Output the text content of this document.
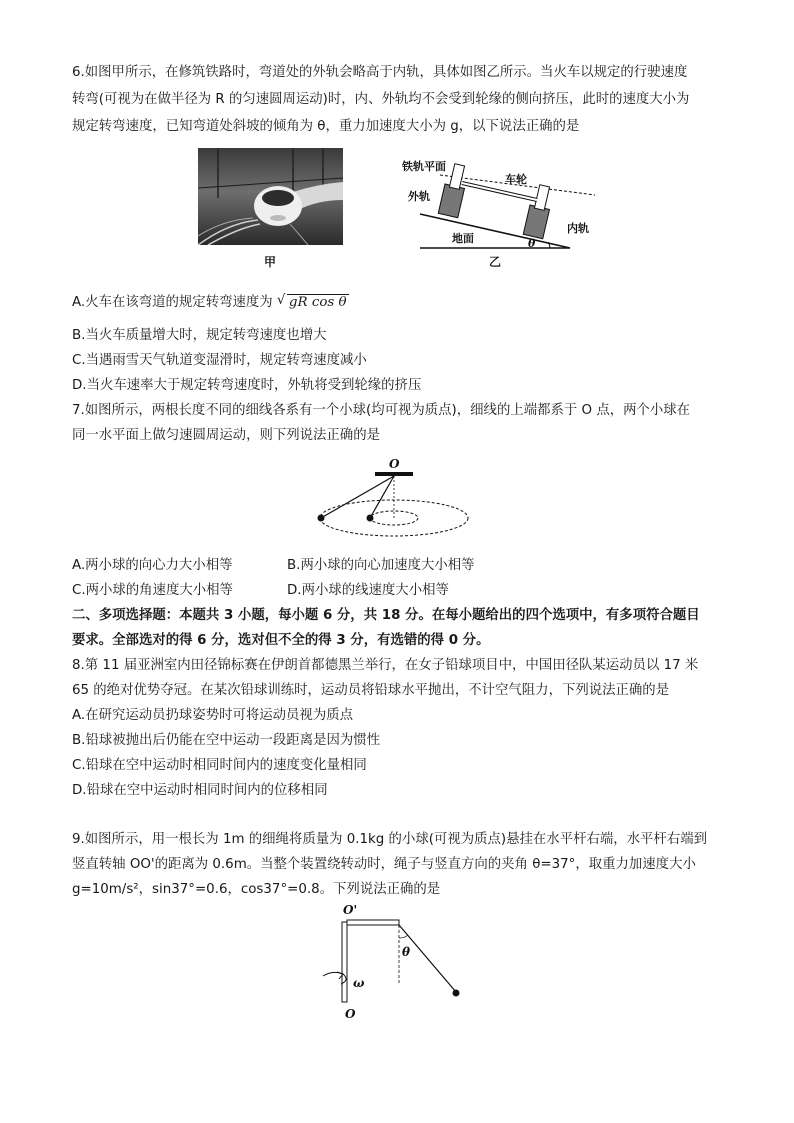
6.如图甲所示，在修筑铁路时，弯道处的外轨会略高于内轨，具体如图乙所示。当火车以规定的行驶速度
转弯(可视为在做半径为 R 的匀速圆周运动)时，内、外轨均不会受到轮缘的侧向挤压，此时的速度大小为
规定转弯速度，已知弯道处斜坡的倾角为 θ，重力加速度大小为 g，以下说法正确的是
甲
铁轨平面
车轮
外轨
内轨
地面	θ
乙
A.火车在该弯道的规定转弯速度为 √ gR cos θ
B.当火车质量增大时，规定转弯速度也增大
C.当遇雨雪天气轨道变湿滑时，规定转弯速度减小
D.当火车速率大于规定转弯速度时，外轨将受到轮缘的挤压
7.如图所示，两根长度不同的细线各系有一个小球(均可视为质点)，细线的上端都系于 O 点，两个小球在
同一水平面上做匀速圆周运动，则下列说法正确的是
O
A.两小球的向心力大小相等	B.两小球的向心加速度大小相等
C.两小球的角速度大小相等	D.两小球的线速度大小相等
二、多项选择题：本题共 3 小题，每小题 6 分，共 18 分。在每小题给出的四个选项中，有多项符合题目
要求。全部选对的得 6 分，选对但不全的得 3 分，有选错的得 0 分。
8.第 11 届亚洲室内田径锦标赛在伊朗首都德黑兰举行，在女子铅球项目中，中国田径队某运动员以 17 米
65 的绝对优势夺冠。在某次铅球训练时，运动员将铅球水平抛出，不计空气阻力，下列说法正确的是
A.在研究运动员扔球姿势时可将运动员视为质点
B.铅球被抛出后仍能在空中运动一段距离是因为惯性
C.铅球在空中运动时相同时间内的速度变化量相同
D.铅球在空中运动时相同时间内的位移相同
9.如图所示，用一根长为 1m 的细绳将质量为 0.1kg 的小球(可视为质点)悬挂在水平杆右端，水平杆右端到
竖直转轴 OO'的距离为 0.6m。当整个装置绕转动时，绳子与竖直方向的夹角 θ=37°，取重力加速度大小
g=10m/s²，sin37°=0.6，cos37°=0.8。下列说法正确的是
O'
θ
ω
O
